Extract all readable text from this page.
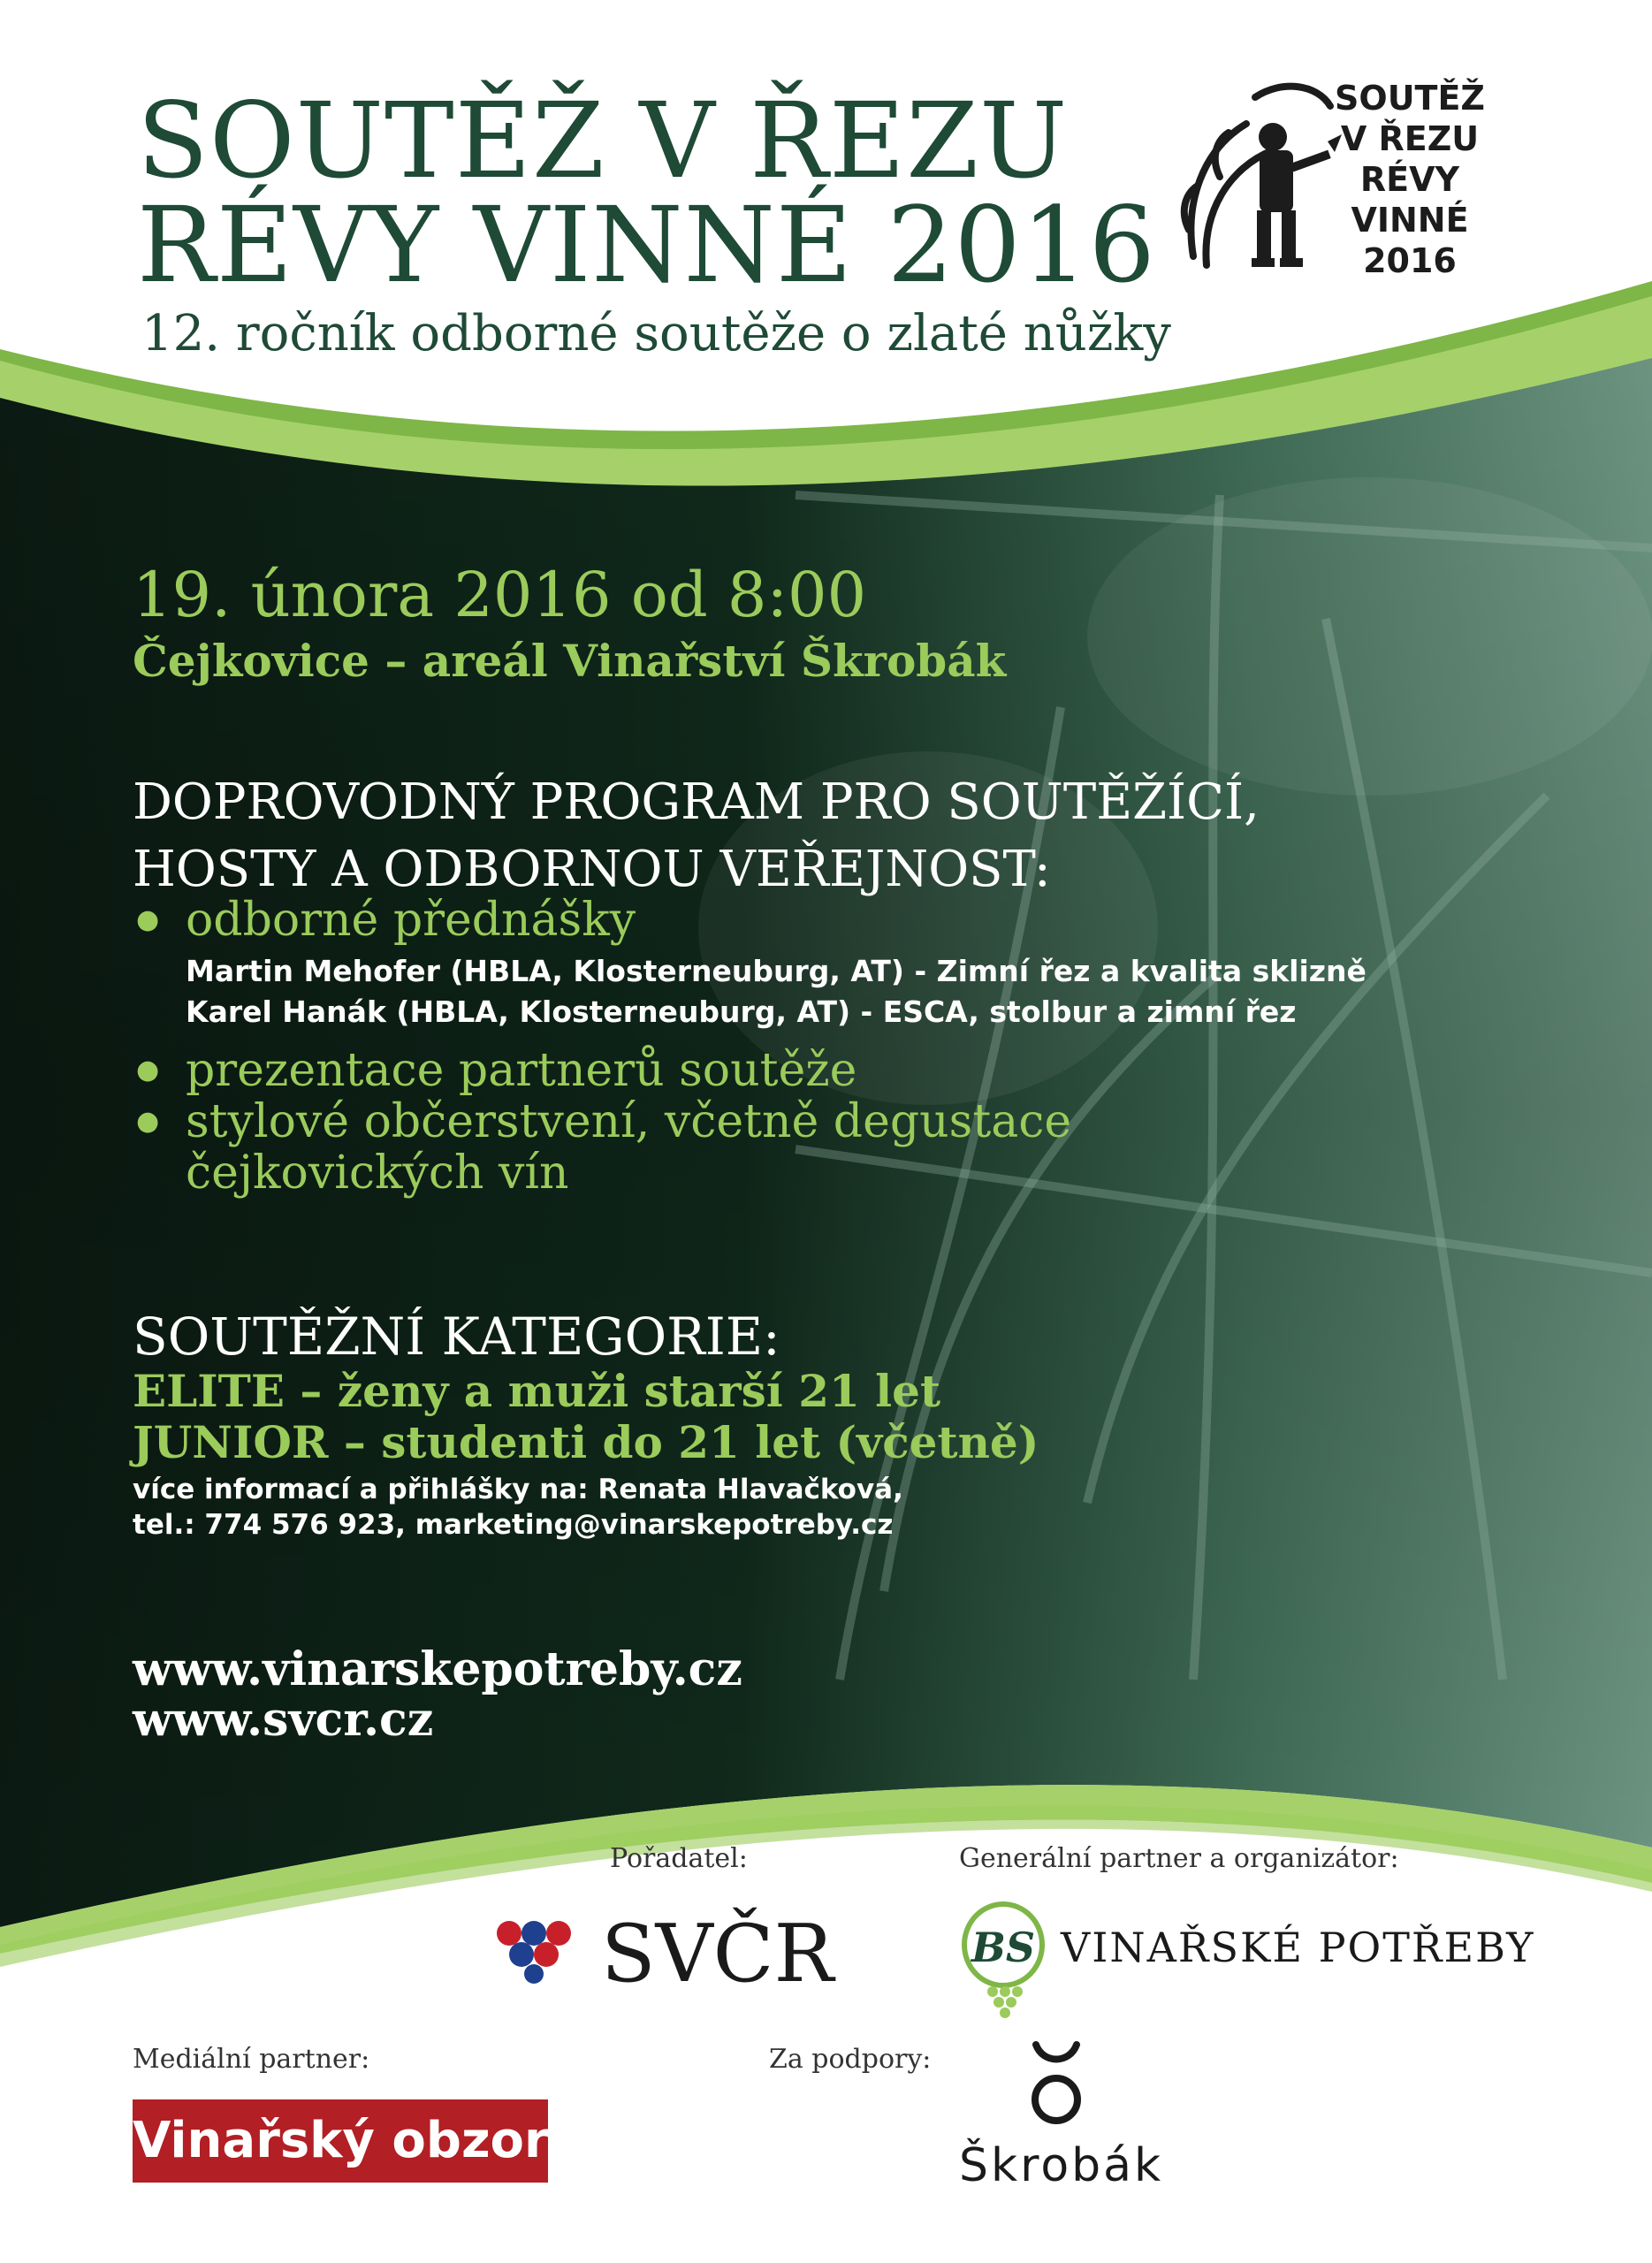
SOUTĚŽ V ŘEZU
RÉVY VINNÉ 2016
12. ročník odborné soutěže o zlaté nůžky
SOUTĚŽ
V ŘEZU
RÉVY
VINNÉ
2016
19. února 2016 od 8:00
Čejkovice – areál Vinařství Škrobák
DOPROVODNÝ PROGRAM PRO SOUTĚŽÍCÍ,
HOSTY A ODBORNOU VEŘEJNOST:
● odborné přednášky
Martin Mehofer (HBLA, Klosterneuburg, AT) - Zimní řez a kvalita sklizně
Karel Hanák (HBLA, Klosterneuburg, AT) - ESCA, stolbur a zimní řez
● prezentace partnerů soutěže
● stylové občerstvení, včetně degustace
čejkovických vín
SOUTĚŽNÍ KATEGORIE:
ELITE – ženy a muži starší 21 let
JUNIOR – studenti do 21 let (včetně)
více informací a přihlášky na: Renata Hlavačková,
tel.: 774 576 923, marketing@vinarskepotreby.cz
www.vinarskepotreby.cz
www.svcr.cz
Pořadatel:
SVČR
Generální partner a organizátor:
BS VINAŘSKÉ POTŘEBY
Mediální partner:
Vinařský obzor
Za podpory:
Škrobák
